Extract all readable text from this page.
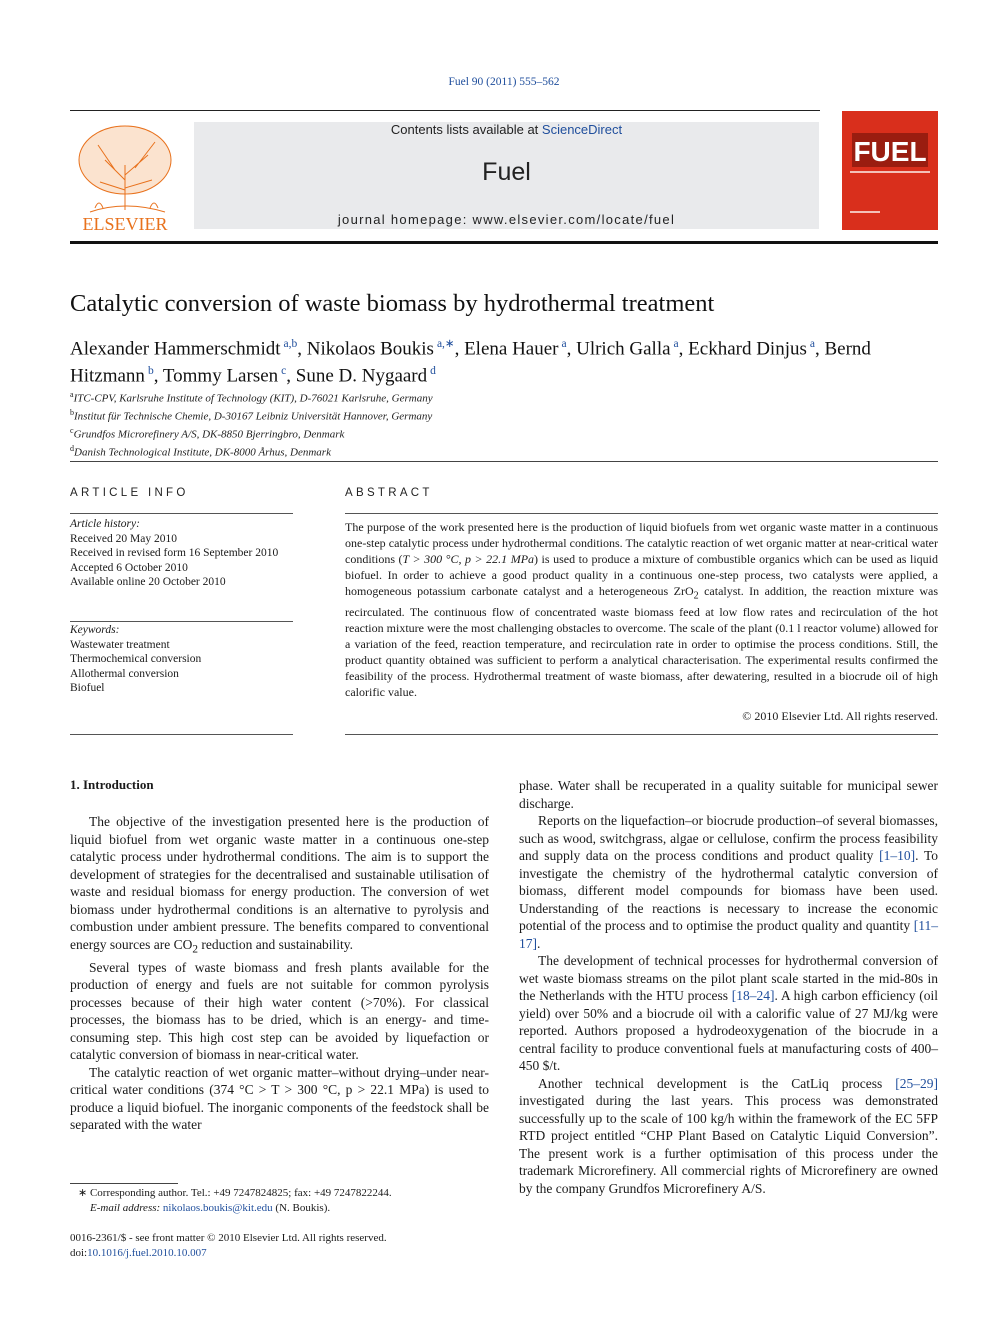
Fuel 90 (2011) 555–562
ELSEVIER
Contents lists available at ScienceDirect
Fuel
journal homepage: www.elsevier.com/locate/fuel
FUEL
Catalytic conversion of waste biomass by hydrothermal treatment
Alexander Hammerschmidt $^{a,b}$, Nikolaos Boukis $^{a,∗}$, Elena Hauer $^a$, Ulrich Galla $^a$, Eckhard Dinjus $^a$, Bernd Hitzmann $^b$, Tommy Larsen $^c$, Sune D. Nygaard $^d$
$^a$ITC-CPV, Karlsruhe Institute of Technology (KIT), D-76021 Karlsruhe, Germany
$^b$Institut für Technische Chemie, D-30167 Leibniz Universität Hannover, Germany
$^c$Grundfos Microrefinery A/S, DK-8850 Bjerringbro, Denmark
$^d$Danish Technological Institute, DK-8000 Århus, Denmark
ARTICLE INFO	ABSTRACT
Article history:
Received 20 May 2010
Received in revised form 16 September 2010
Accepted 6 October 2010
Available online 20 October 2010
Keywords:
Wastewater treatment
Thermochemical conversion
Allothermal conversion
Biofuel
The purpose of the work presented here is the production of liquid biofuels from wet organic waste matter in a continuous one-step catalytic process under hydrothermal conditions. The catalytic reaction of wet organic matter at near-critical water conditions (T > 300 °C, p > 22.1 MPa) is used to produce a mixture of combustible organics which can be used as liquid biofuel. In order to achieve a good product quality in a continuous one-step process, two catalysts were applied, a homogeneous potassium carbonate catalyst and a heterogeneous ZrO$_2$ catalyst. In addition, the reaction mixture was recirculated. The continuous flow of concentrated waste biomass feed at low flow rates and recirculation of the hot reaction mixture were the most challenging obstacles to overcome. The scale of the plant (0.1 l reactor volume) allowed for a variation of the feed, reaction temperature, and recirculation rate in order to optimise the process conditions. Still, the product quantity obtained was sufficient to perform a analytical characterisation. The experimental results confirmed the feasibility of the process. Hydrothermal treatment of waste biomass, after dewatering, resulted in a biocrude oil of high calorific value.
© 2010 Elsevier Ltd. All rights reserved.
1. Introduction

The objective of the investigation presented here is the production of liquid biofuel from wet organic waste matter in a continuous one-step catalytic process under hydrothermal conditions. The aim is to support the development of strategies for the decentralised and sustainable utilisation of waste and residual biomass for energy production. The conversion of wet biomass under hydrothermal conditions is an alternative to pyrolysis and combustion under ambient pressure. The benefits compared to conventional energy sources are $CO_2$ reduction and sustainability.

Several types of waste biomass and fresh plants available for the production of energy and fuels are not suitable for common pyrolysis processes because of their high water content (>70%). For classical processes, the biomass has to be dried, which is an energy- and time-consuming step. This high cost step can be avoided by liquefaction or catalytic conversion of biomass in near-critical water.

The catalytic reaction of wet organic matter–without drying–under near-critical water conditions (374 °C > T > 300 °C, p > 22.1 MPa) is used to produce a liquid biofuel. The inorganic components of the feedstock shall be separated with the water

phase. Water shall be recuperated in a quality suitable for municipal sewer discharge.

Reports on the liquefaction–or biocrude production–of several biomasses, such as wood, switchgrass, algae or cellulose, confirm the process feasibility and supply data on the process conditions and product quality [1–10]. To investigate the chemistry of the hydrothermal catalytic conversion of biomass, different model compounds for biomass have been used. Understanding of the reactions is necessary to increase the economic potential of the process and to optimise the product quality and quantity [11–17].

The development of technical processes for hydrothermal conversion of wet waste biomass streams on the pilot plant scale started in the mid-80s in the Netherlands with the HTU process [18–24]. A high carbon efficiency (oil yield) over 50% and a biocrude oil with a calorific value of 27 MJ/kg were reported. Authors proposed a hydrodeoxygenation of the biocrude in a central facility to produce conventional fuels at manufacturing costs of 400–450 $/t.

Another technical development is the CatLiq process [25–29] investigated during the last years. This process was demonstrated successfully up to the scale of 100 kg/h within the framework of the EC 5FP RTD project entitled “CHP Plant Based on Catalytic Liquid Conversion”. The present work is a further optimisation of this process under the trademark Microrefinery. All commercial rights of Microrefinery are owned by the company Grundfos Microrefinery A/S.

∗ Corresponding author. Tel.: +49 7247824825; fax: +49 7247822244.
E-mail address: nikolaos.boukis@kit.edu (N. Boukis).
0016-2361/$ - see front matter © 2010 Elsevier Ltd. All rights reserved.
doi:10.1016/j.fuel.2010.10.007
